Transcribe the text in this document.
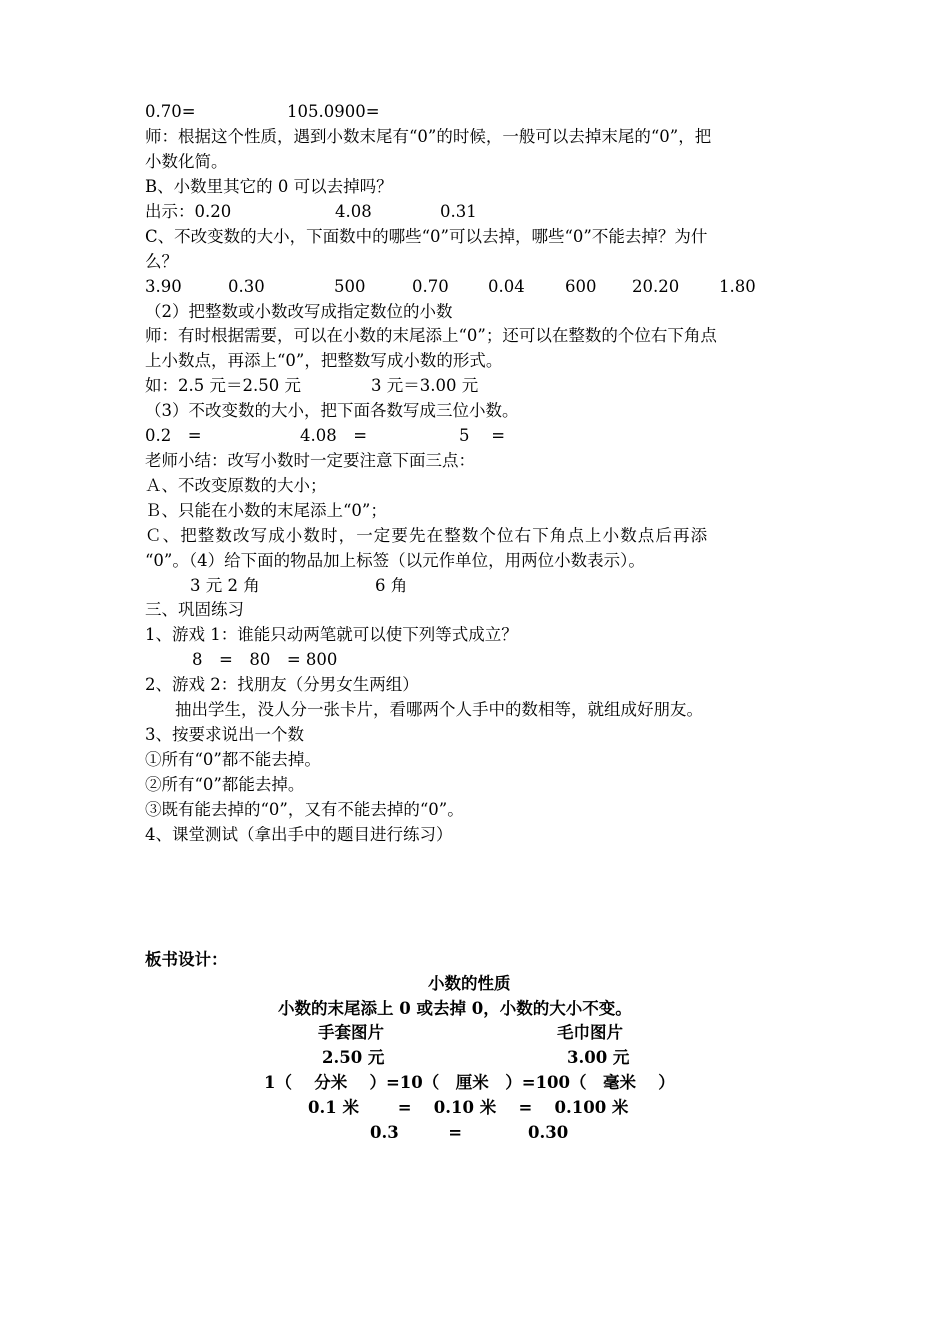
0.70=	105.0900=
师：根据这个性质，遇到小数末尾有“0”的时候，一般可以去掉末尾的“0”，把
小数化简。
B、小数里其它的 0 可以去掉吗？
出示：0.20	4.08	0.31
C、不改变数的大小，下面数中的哪些“0”可以去掉，哪些“0”不能去掉？为什
么？
3.90	0.30	500	0.70 0.04 600 20.20 1.80
（2）把整数或小数改写成指定数位的小数
师：有时根据需要，可以在小数的末尾添上“0”；还可以在整数的个位右下角点
上小数点，再添上“0”，把整数写成小数的形式。
如：2.5 元＝2.50 元	3 元＝3.00 元
（3）不改变数的大小，把下面各数写成三位小数。
0.2　=	4.08　=	5　 =
老师小结：改写小数时一定要注意下面三点：
Ａ、不改变原数的大小；
Ｂ、只能在小数的末尾添上“0”；
Ｃ、把整数改写成小数时，一定要先在整数个位右下角点上小数点后再添
“0”。（4）给下面的物品加上标签（以元作单位，用两位小数表示）。
3 元 2 角	6 角
三、巩固练习
1、游戏 1：谁能只动两笔就可以使下列等式成立？
8　=　80　= 800
2、游戏 2：找朋友（分男女生两组）
抽出学生，没人分一张卡片，看哪两个人手中的数相等，就组成好朋友。
3、按要求说出一个数
①所有“0”都不能去掉。
②所有“0”都能去掉。
③既有能去掉的“0”，又有不能去掉的“0”。
4、课堂测试（拿出手中的题目进行练习）
板书设计：
小数的性质
小数的末尾添上 0 或去掉 0，小数的大小不变。
手套图片	毛巾图片
2.50 元	3.00 元
1（　 分米　 ）=10（　厘米　）=100（　毫米　 ）
0.1 米　　 =　 0.10 米　 =　 0.100 米
0.3　　　=　　　　0.30
